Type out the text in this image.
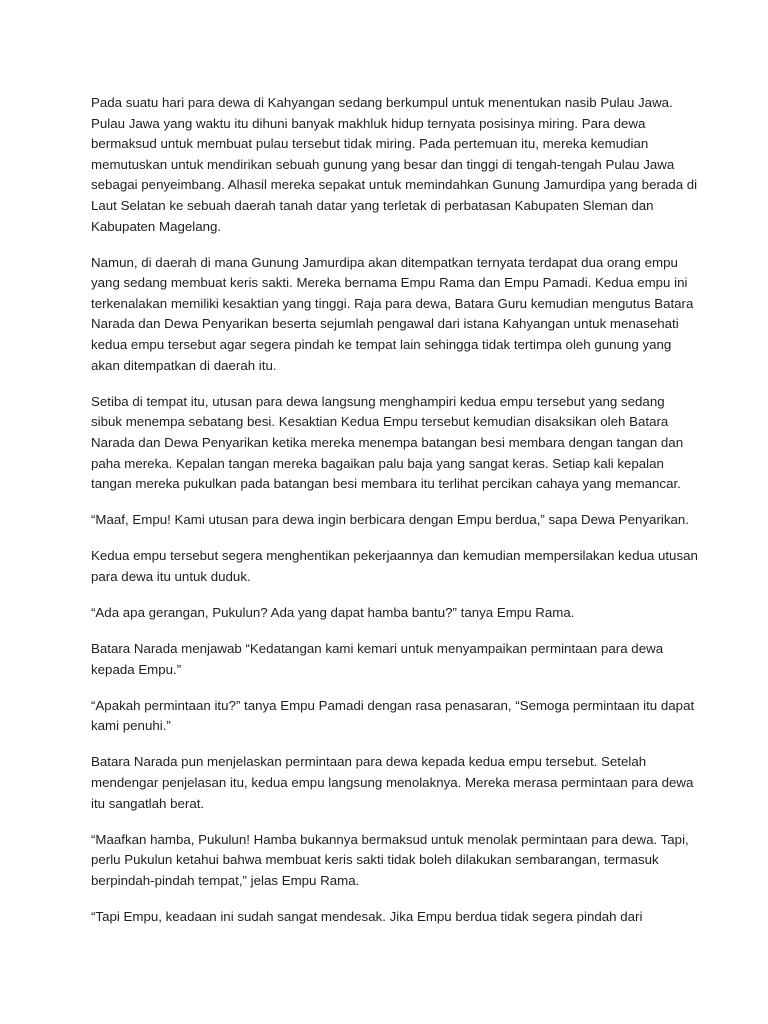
Pada suatu hari para dewa di Kahyangan sedang berkumpul untuk menentukan nasib Pulau Jawa. Pulau Jawa yang waktu itu dihuni banyak makhluk hidup ternyata posisinya miring. Para dewa bermaksud untuk membuat pulau tersebut tidak miring. Pada pertemuan itu, mereka kemudian memutuskan untuk mendirikan sebuah gunung yang besar dan tinggi di tengah-tengah Pulau Jawa sebagai penyeimbang. Alhasil mereka sepakat untuk memindahkan Gunung Jamurdipa yang berada di Laut Selatan ke sebuah daerah tanah datar yang terletak di perbatasan Kabupaten Sleman dan Kabupaten Magelang.

Namun, di daerah di mana Gunung Jamurdipa akan ditempatkan ternyata terdapat dua orang empu yang sedang membuat keris sakti. Mereka bernama Empu Rama dan Empu Pamadi. Kedua empu ini terkenalakan memiliki kesaktian yang tinggi. Raja para dewa, Batara Guru kemudian mengutus Batara Narada dan Dewa Penyarikan beserta sejumlah pengawal dari istana Kahyangan untuk menasehati kedua empu tersebut agar segera pindah ke tempat lain sehingga tidak tertimpa oleh gunung yang akan ditempatkan di daerah itu.

Setiba di tempat itu, utusan para dewa langsung menghampiri kedua empu tersebut yang sedang sibuk menempa sebatang besi. Kesaktian Kedua Empu tersebut kemudian disaksikan oleh Batara Narada dan Dewa Penyarikan ketika mereka menempa batangan besi membara dengan tangan dan paha mereka. Kepalan tangan mereka bagaikan palu baja yang sangat keras. Setiap kali kepalan tangan mereka pukulkan pada batangan besi membara itu terlihat percikan cahaya yang memancar.

“Maaf, Empu! Kami utusan para dewa ingin berbicara dengan Empu berdua,” sapa Dewa Penyarikan.

Kedua empu tersebut segera menghentikan pekerjaannya dan kemudian mempersilakan kedua utusan para dewa itu untuk duduk.

“Ada apa gerangan, Pukulun? Ada yang dapat hamba bantu?” tanya Empu Rama.

Batara Narada menjawab “Kedatangan kami kemari untuk menyampaikan permintaan para dewa kepada Empu.”

“Apakah permintaan itu?” tanya Empu Pamadi dengan rasa penasaran, “Semoga permintaan itu dapat kami penuhi.”

Batara Narada pun menjelaskan permintaan para dewa kepada kedua empu tersebut. Setelah mendengar penjelasan itu, kedua empu langsung menolaknya. Mereka merasa permintaan para dewa itu sangatlah berat.

“Maafkan hamba, Pukulun! Hamba bukannya bermaksud untuk menolak permintaan para dewa. Tapi, perlu Pukulun ketahui bahwa membuat keris sakti tidak boleh dilakukan sembarangan, termasuk berpindah-pindah tempat,” jelas Empu Rama.

“Tapi Empu, keadaan ini sudah sangat mendesak. Jika Empu berdua tidak segera pindah dari
